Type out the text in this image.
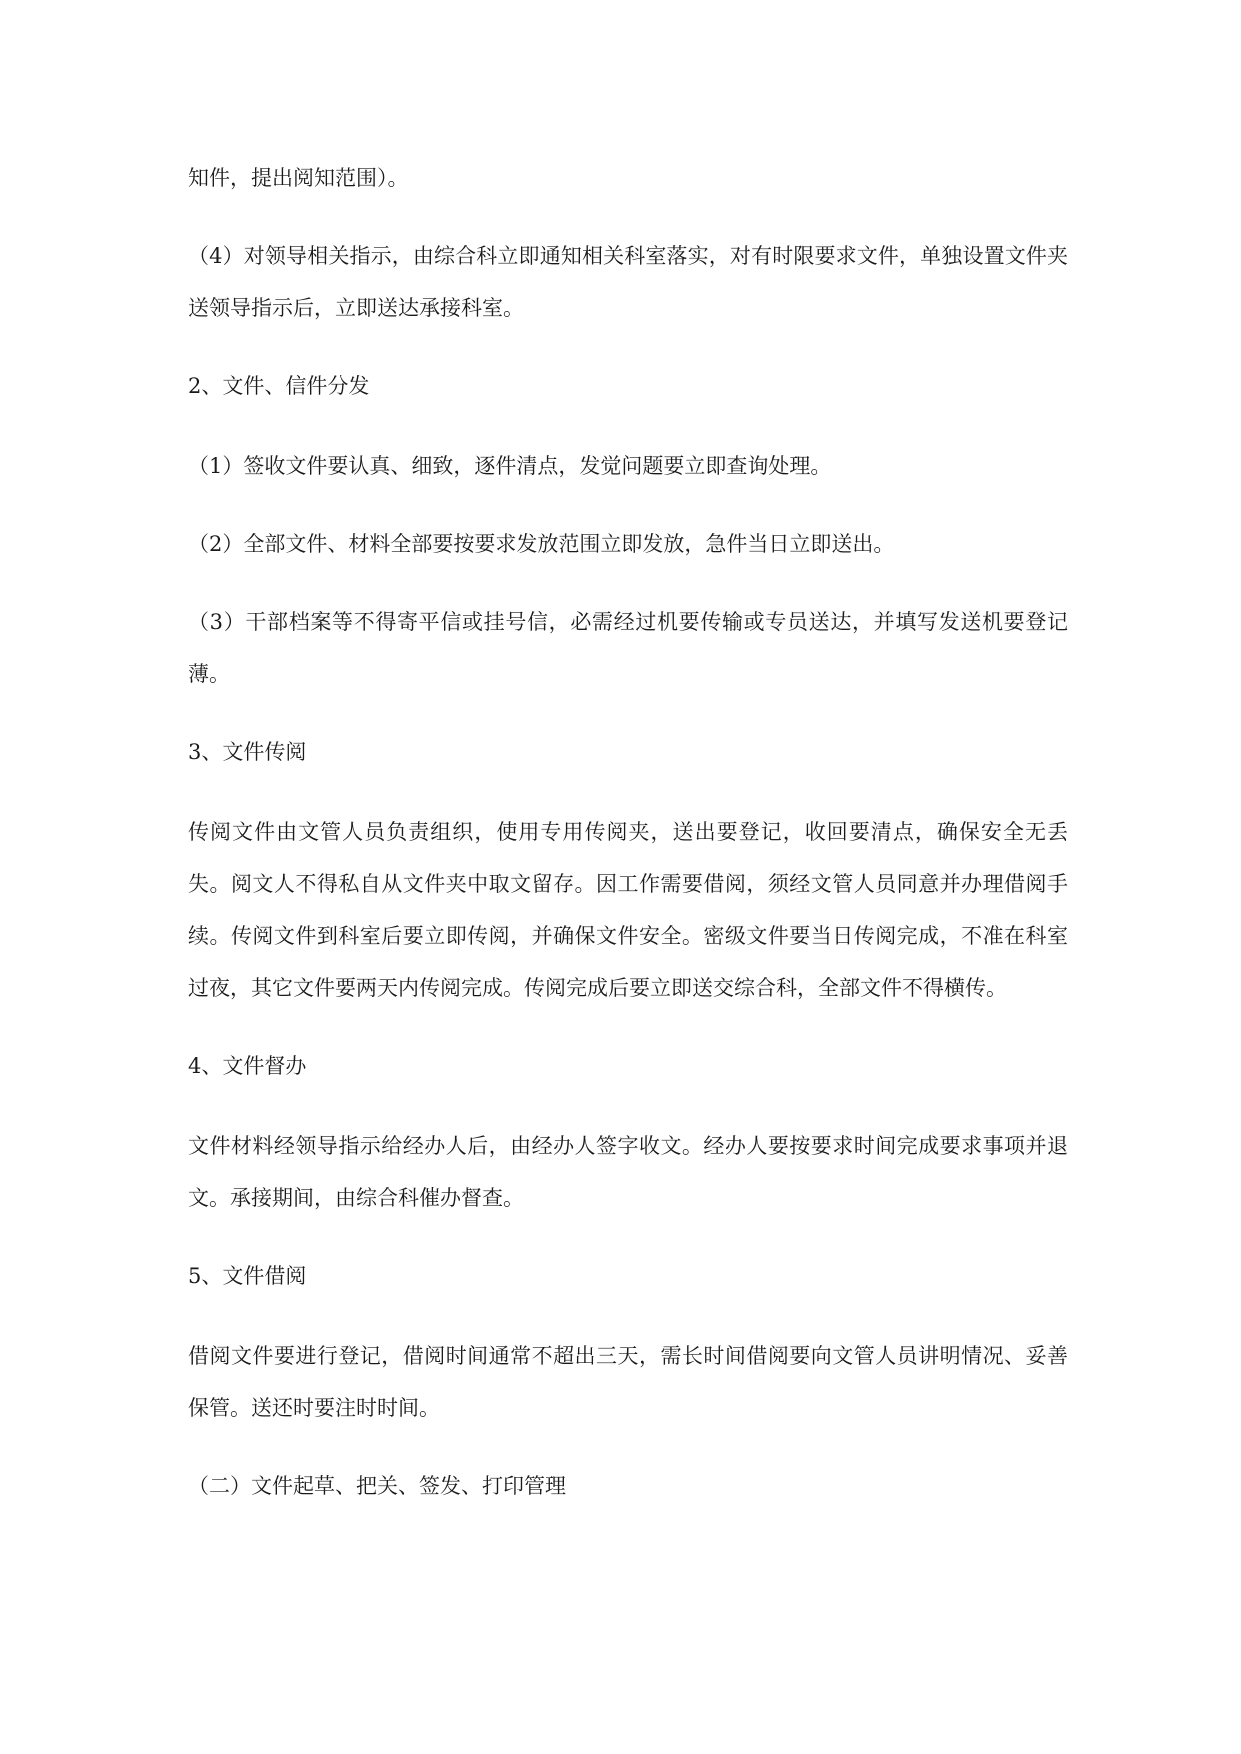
知件，提出阅知范围）。

（4）对领导相关指示，由综合科立即通知相关科室落实，对有时限要求文件，单独设置文件夹送领导指示后，立即送达承接科室。

2、文件、信件分发

（1）签收文件要认真、细致，逐件清点，发觉问题要立即查询处理。

（2）全部文件、材料全部要按要求发放范围立即发放，急件当日立即送出。

（3）干部档案等不得寄平信或挂号信，必需经过机要传输或专员送达，并填写发送机要登记薄。

3、文件传阅

传阅文件由文管人员负责组织，使用专用传阅夹，送出要登记，收回要清点，确保安全无丢失。阅文人不得私自从文件夹中取文留存。因工作需要借阅，须经文管人员同意并办理借阅手续。传阅文件到科室后要立即传阅，并确保文件安全。密级文件要当日传阅完成，不准在科室过夜，其它文件要两天内传阅完成。传阅完成后要立即送交综合科，全部文件不得横传。

4、文件督办

文件材料经领导指示给经办人后，由经办人签字收文。经办人要按要求时间完成要求事项并退文。承接期间，由综合科催办督查。

5、文件借阅

借阅文件要进行登记，借阅时间通常不超出三天，需长时间借阅要向文管人员讲明情况、妥善保管。送还时要注时时间。

（二）文件起草、把关、签发、打印管理
